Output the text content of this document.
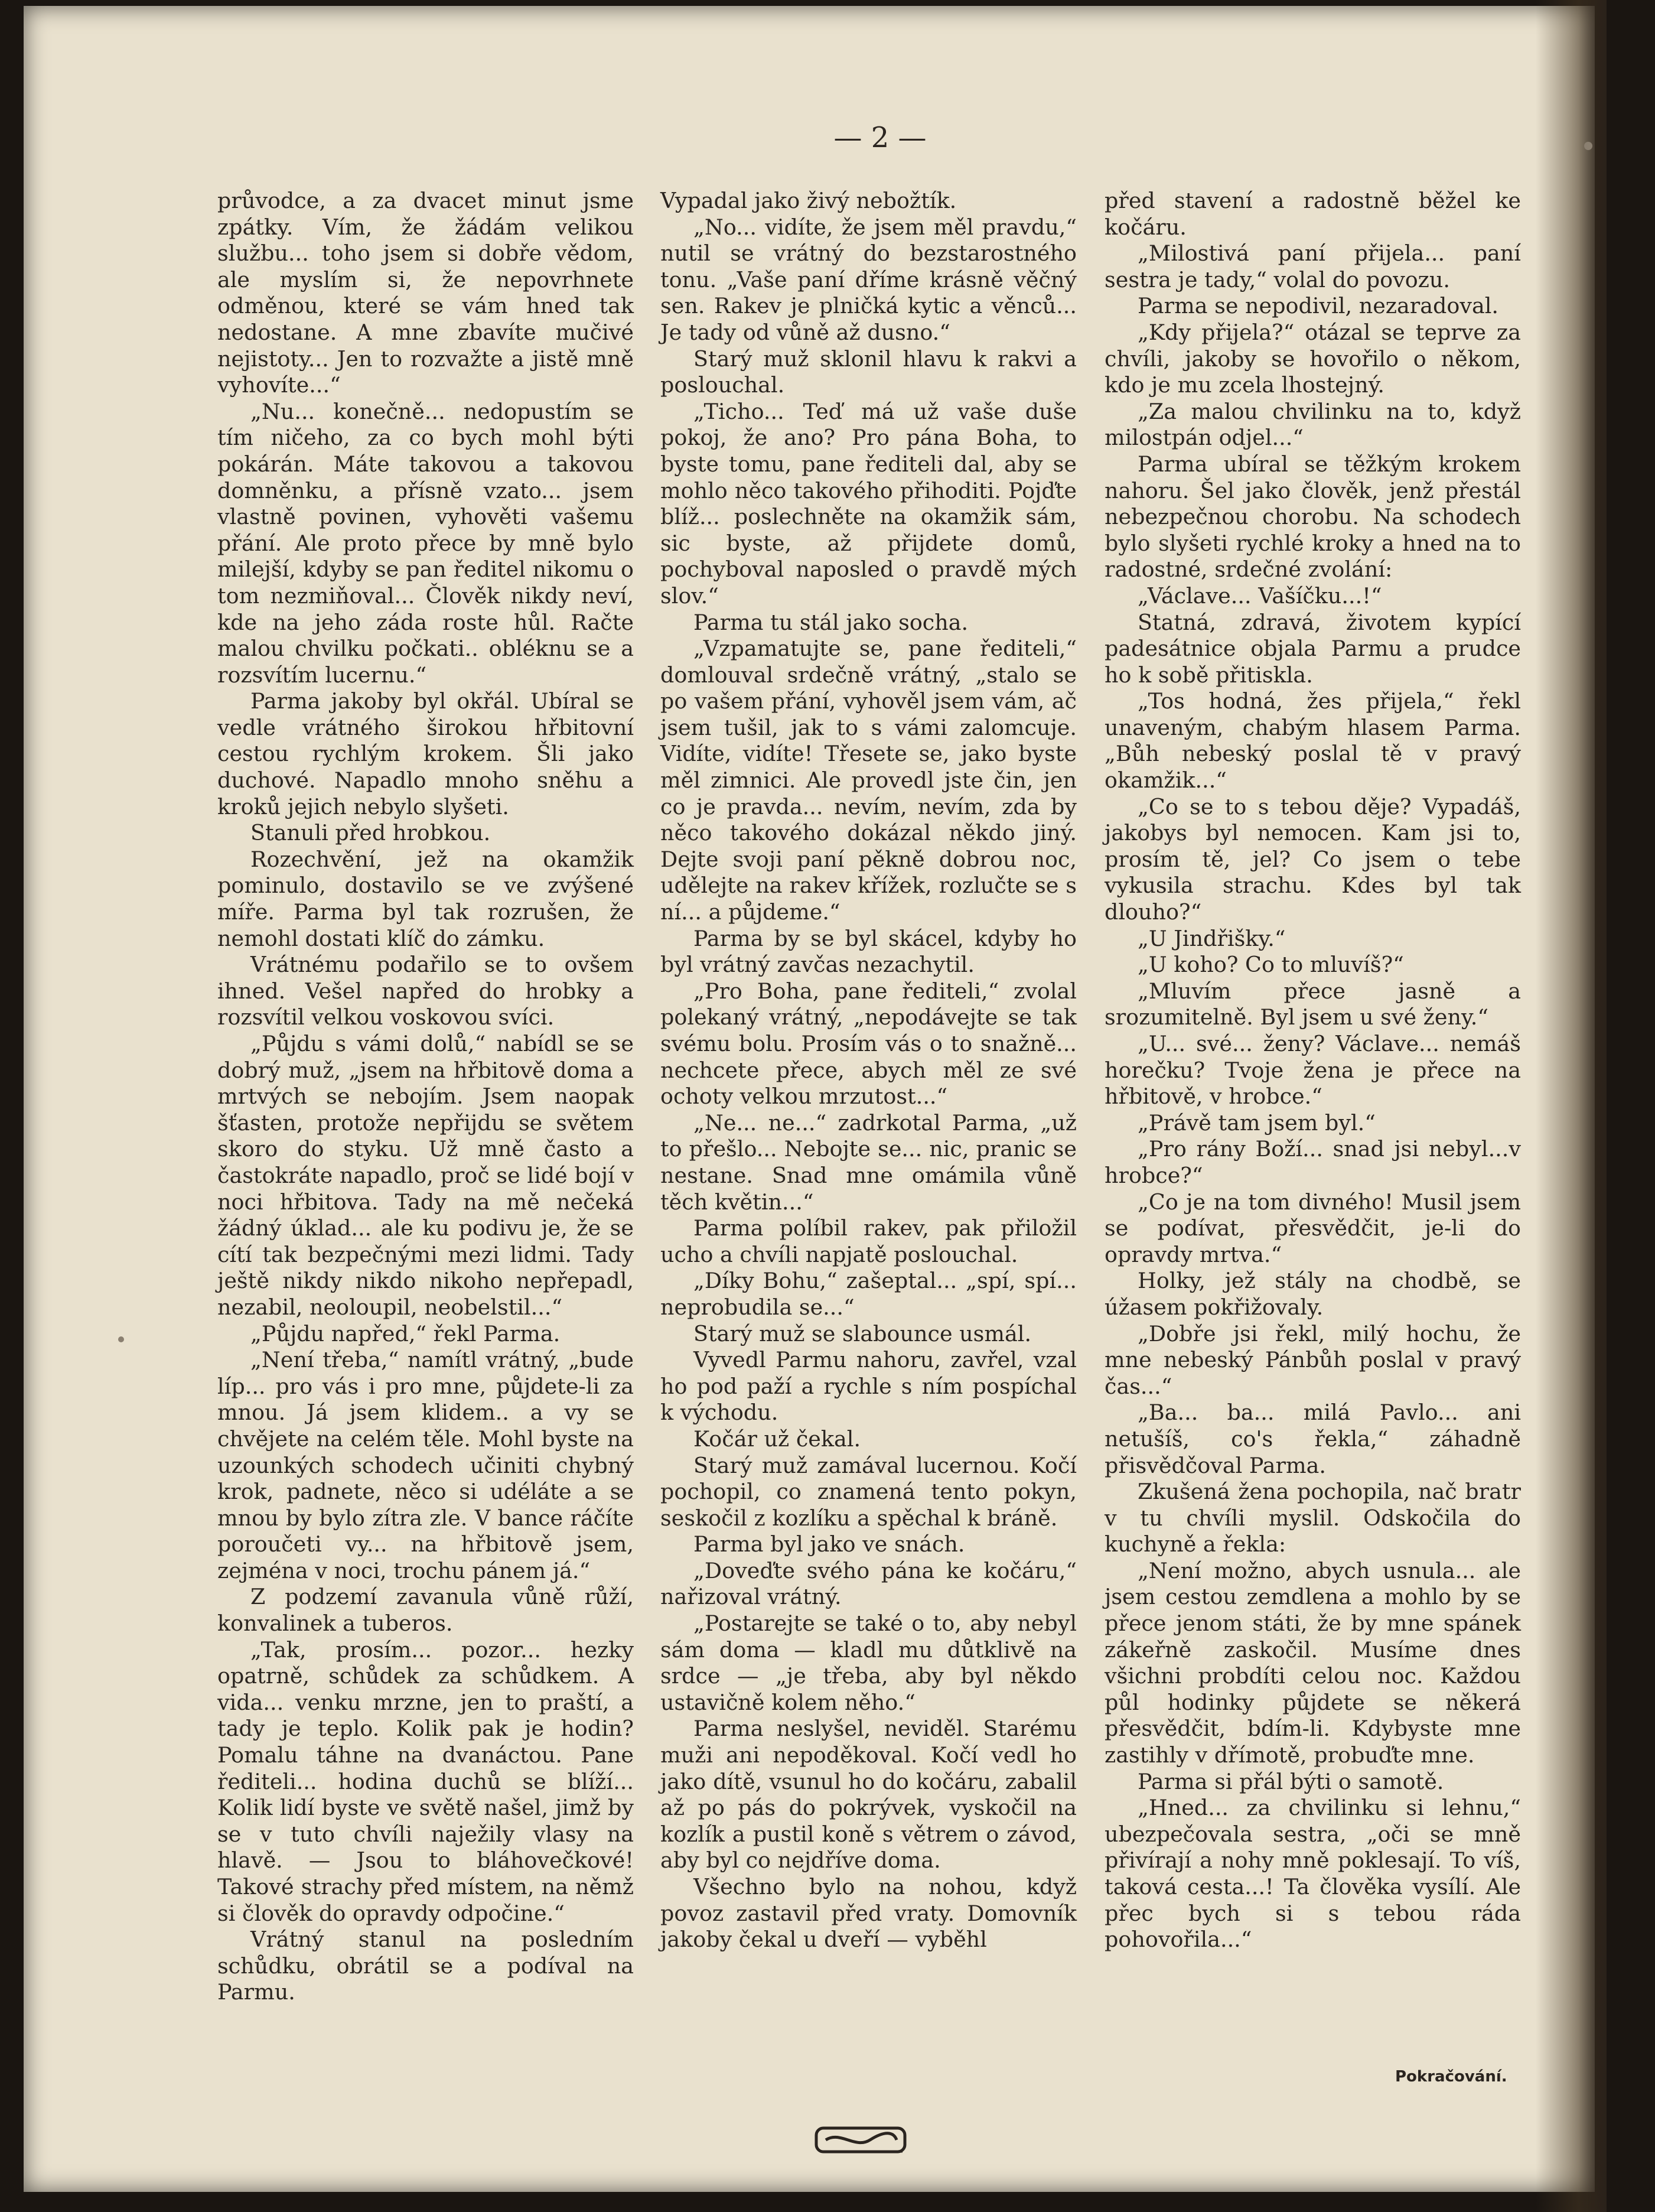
— 2 —

průvodce, a za dvacet minut jsme zpátky. Vím, že žádám velikou službu... toho jsem si dobře vědom, ale myslím si, že nepovrhnete odměnou, které se vám hned tak nedostane. A mne zbavíte mučivé nejistoty... Jen to rozvažte a jistě mně vyhovíte...“

„Nu... konečně... nedopustím se tím ničeho, za co bych mohl býti pokárán. Máte takovou a takovou domněnku, a přísně vzato... jsem vlastně povinen, vyhověti vašemu přání. Ale proto přece by mně bylo milejší, kdyby se pan ředitel nikomu o tom nezmiňoval... Člověk nikdy neví, kde na jeho záda roste hůl. Račte malou chvilku počkati.. obléknu se a rozsvítím lucernu.“

Parma jakoby byl okřál. Ubíral se vedle vrátného širokou hřbitovní cestou rychlým krokem. Šli jako duchové. Napadlo mnoho sněhu a kroků jejich nebylo slyšeti.

Stanuli před hrobkou.

Rozechvění, jež na okamžik pominulo, dostavilo se ve zvýšené míře. Parma byl tak rozrušen, že nemohl dostati klíč do zámku.

Vrátnému podařilo se to ovšem ihned. Vešel napřed do hrobky a rozsvítil velkou voskovou svíci.

„Půjdu s vámi dolů,“ nabídl se se dobrý muž, „jsem na hřbitově doma a mrtvých se nebojím. Jsem naopak šťasten, protože nepřijdu se světem skoro do styku. Už mně často a častokráte napadlo, proč se lidé bojí v noci hřbitova. Tady na mě nečeká žádný úklad... ale ku podivu je, že se cítí tak bezpečnými mezi lidmi. Tady ještě nikdy nikdo nikoho nepřepadl, nezabil, neoloupil, neobelstil...“

„Půjdu napřed,“ řekl Parma.

„Není třeba,“ namítl vrátný, „bude líp... pro vás i pro mne, půjdete-li za mnou. Já jsem klidem.. a vy se chvějete na celém těle. Mohl byste na uzounkých schodech učiniti chybný krok, padnete, něco si udéláte a se mnou by bylo zítra zle. V bance ráčíte poroučeti vy... na hřbitově jsem, zejména v noci, trochu pánem já.“

Z podzemí zavanula vůně růží, konvalinek a tuberos.

„Tak, prosím... pozor... hezky opatrně, schůdek za schůdkem. A vida... venku mrzne, jen to praští, a tady je teplo. Kolik pak je hodin? Pomalu táhne na dvanáctou. Pane řediteli... hodina duchů se blíží... Kolik lidí byste ve světě našel, jimž by se v tuto chvíli naježily vlasy na hlavě. — Jsou to bláhovečkové! Takové strachy před místem, na němž si člověk do opravdy odpočine.“

Vrátný stanul na posledním schůdku, obrátil se a podíval na Parmu.

Vypadal jako živý nebožtík.

„No... vidíte, že jsem měl pravdu,“ nutil se vrátný do bezstarostného tonu. „Vaše paní dříme krásně věčný sen. Rakev je plničká kytic a věnců... Je tady od vůně až dusno.“

Starý muž sklonil hlavu k rakvi a poslouchal.

„Ticho... Teď má už vaše duše pokoj, že ano? Pro pána Boha, to byste tomu, pane řediteli dal, aby se mohlo něco takového přihoditi. Pojďte blíž... poslechněte na okamžik sám, sic byste, až přijdete domů, pochyboval naposled o pravdě mých slov.“

Parma tu stál jako socha.

„Vzpamatujte se, pane řediteli,“ domlouval srdečně vrátný, „stalo se po vašem přání, vyhověl jsem vám, ač jsem tušil, jak to s vámi zalomcuje. Vidíte, vidíte! Třesete se, jako byste měl zimnici. Ale provedl jste čin, jen co je pravda... nevím, nevím, zda by něco takového dokázal někdo jiný. Dejte svoji paní pěkně dobrou noc, udělejte na rakev křížek, rozlučte se s ní... a půjdeme.“

Parma by se byl skácel, kdyby ho byl vrátný zavčas nezachytil.

„Pro Boha, pane řediteli,“ zvolal polekaný vrátný, „nepodávejte se tak svému bolu. Prosím vás o to snažně... nechcete přece, abych měl ze své ochoty velkou mrzutost...“

„Ne... ne...“ zadrkotal Parma, „už to přešlo... Nebojte se... nic, pranic se nestane. Snad mne omámila vůně těch květin...“

Parma políbil rakev, pak přiložil ucho a chvíli napjatě poslouchal.

„Díky Bohu,“ zašeptal... „spí, spí... neprobudila se...“

Starý muž se slabounce usmál.

Vyvedl Parmu nahoru, zavřel, vzal ho pod paží a rychle s ním pospíchal k východu.

Kočár už čekal.

Starý muž zamával lucernou. Kočí pochopil, co znamená tento pokyn, seskočil z kozlíku a spěchal k bráně.

Parma byl jako ve snách.

„Doveďte svého pána ke kočáru,“ nařizoval vrátný.

„Postarejte se také o to, aby nebyl sám doma — kladl mu důtklivě na srdce — „je třeba, aby byl někdo ustavičně kolem něho.“

Parma neslyšel, neviděl. Starému muži ani nepoděkoval. Kočí vedl ho jako dítě, vsunul ho do kočáru, zabalil až po pás do pokrývek, vyskočil na kozlík a pustil koně s větrem o závod, aby byl co nejdříve doma.

Všechno bylo na nohou, když povoz zastavil před vraty. Domovník jakoby čekal u dveří — vyběhl

před stavení a radostně běžel ke kočáru.

„Milostivá paní přijela... paní sestra je tady,“ volal do povozu.

Parma se nepodivil, nezaradoval.

„Kdy přijela?“ otázal se teprve za chvíli, jakoby se hovořilo o někom, kdo je mu zcela lhostejný.

„Za malou chvilinku na to, když milostpán odjel...“

Parma ubíral se těžkým krokem nahoru. Šel jako člověk, jenž přestál nebezpečnou chorobu. Na schodech bylo slyšeti rychlé kroky a hned na to radostné, srdečné zvolání:

„Václave... Vašíčku...!“

Statná, zdravá, životem kypící padesátnice objala Parmu a prudce ho k sobě přitiskla.

„Tos hodná, žes přijela,“ řekl unaveným, chabým hlasem Parma. „Bůh nebeský poslal tě v pravý okamžik...“

„Co se to s tebou děje? Vypadáš, jakobys byl nemocen. Kam jsi to, prosím tě, jel? Co jsem o tebe vykusila strachu. Kdes byl tak dlouho?“

„U Jindřišky.“

„U koho? Co to mluvíš?“

„Mluvím přece jasně a srozumitelně. Byl jsem u své ženy.“

„U... své... ženy? Václave... nemáš horečku? Tvoje žena je přece na hřbitově, v hrobce.“

„Právě tam jsem byl.“

„Pro rány Boží... snad jsi nebyl...v hrobce?“

„Co je na tom divného! Musil jsem se podívat, přesvědčit, je-li do opravdy mrtva.“

Holky, jež stály na chodbě, se úžasem pokřižovaly.

„Dobře jsi řekl, milý hochu, že mne nebeský Pánbůh poslal v pravý čas...“

„Ba... ba... milá Pavlo... ani netušíš, co's řekla,“ záhadně přisvědčoval Parma.

Zkušená žena pochopila, nač bratr v tu chvíli myslil. Odskočila do kuchyně a řekla:

„Není možno, abych usnula... ale jsem cestou zemdlena a mohlo by se přece jenom státi, že by mne spánek zákeřně zaskočil. Musíme dnes všichni probdíti celou noc. Každou půl hodinky půjdete se někerá přesvědčit, bdím-li. Kdybyste mne zastihly v dřímotě, probuďte mne.

Parma si přál býti o samotě.

„Hned... za chvilinku si lehnu,“ ubezpečovala sestra, „oči se mně přivírají a nohy mně poklesají. To víš, taková cesta...! Ta člověka vysílí. Ale přec bych si s tebou ráda pohovořila...“

Pokračování.
